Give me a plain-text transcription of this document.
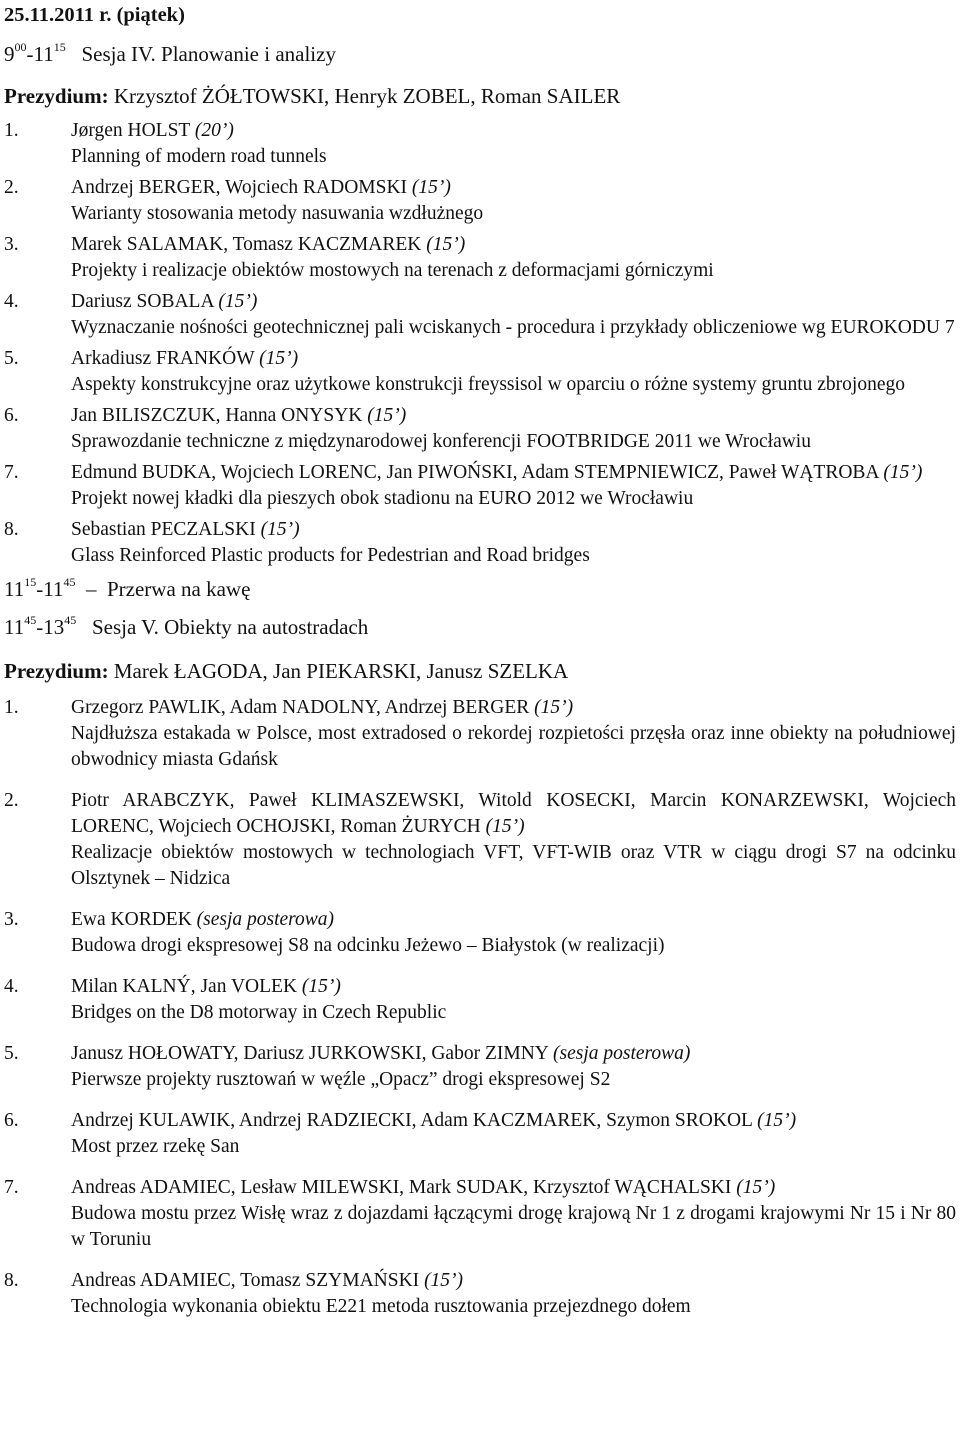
25.11.2011 r. (piątek)
$9^{00}-11^{15}$ Sesja IV. Planowanie i analizy
Prezydium: Krzysztof ŻÓŁTOWSKI, Henryk ZOBEL, Roman SAILER
1.	Jørgen HOLST (20’)
Planning of modern road tunnels
2.	Andrzej BERGER, Wojciech RADOMSKI (15’)
Warianty stosowania metody nasuwania wzdłużnego
3.	Marek SALAMAK, Tomasz KACZMAREK (15’)
Projekty i realizacje obiektów mostowych na terenach z deformacjami górniczymi
4.	Dariusz SOBALA (15’)
Wyznaczanie nośności geotechnicznej pali wciskanych - procedura i przykłady obliczeniowe wg EUROKODU 7
5.	Arkadiusz FRANKÓW (15’)
Aspekty konstrukcyjne oraz użytkowe konstrukcji freyssisol w oparciu o różne systemy gruntu zbrojonego
6.	Jan BILISZCZUK, Hanna ONYSYK (15’)
Sprawozdanie techniczne z międzynarodowej konferencji FOOTBRIDGE 2011 we Wrocławiu
7.	Edmund BUDKA, Wojciech LORENC, Jan PIWOŃSKI, Adam STEMPNIEWICZ, Paweł WĄTROBA (15’)
Projekt nowej kładki dla pieszych obok stadionu na EURO 2012 we Wrocławiu
8.	Sebastian PECZALSKI (15’)
Glass Reinforced Plastic products for Pedestrian and Road bridges
$11^{15}-11^{45}$  –  Przerwa na kawę
$11^{45}-13^{45}$ Sesja V. Obiekty na autostradach
Prezydium: Marek ŁAGODA, Jan PIEKARSKI, Janusz SZELKA
1.	Grzegorz PAWLIK, Adam NADOLNY, Andrzej BERGER (15’)
Najdłuższa estakada w Polsce, most extradosed o rekordej rozpietości przęsła oraz inne obiekty na południowej obwodnicy miasta Gdańsk
2.	Piotr ARABCZYK, Paweł KLIMASZEWSKI, Witold KOSECKI, Marcin KONARZEWSKI, Wojciech LORENC, Wojciech OCHOJSKI, Roman ŻURYCH (15’)
Realizacje obiektów mostowych w technologiach VFT, VFT-WIB oraz VTR w ciągu drogi S7 na odcinku Olsztynek – Nidzica
3.	Ewa KORDEK (sesja posterowa)
Budowa drogi ekspresowej S8 na odcinku Jeżewo – Białystok (w realizacji)
4.	Milan KALNÝ, Jan VOLEK (15’)
Bridges on the D8 motorway in Czech Republic
5.	Janusz HOŁOWATY, Dariusz JURKOWSKI, Gabor ZIMNY (sesja posterowa)
Pierwsze projekty rusztowań w węźle „Opacz” drogi ekspresowej S2
6.	Andrzej KULAWIK, Andrzej RADZIECKI, Adam KACZMAREK, Szymon SROKOL (15’)
Most przez rzekę San
7.	Andreas ADAMIEC, Lesław MILEWSKI, Mark SUDAK, Krzysztof WĄCHALSKI (15’)
Budowa mostu przez Wisłę wraz z dojazdami łączącymi drogę krajową Nr 1 z drogami krajowymi Nr 15 i Nr 80 w Toruniu
8.	Andreas ADAMIEC, Tomasz SZYMAŃSKI (15’)
Technologia wykonania obiektu E221 metoda rusztowania przejezdnego dołem
